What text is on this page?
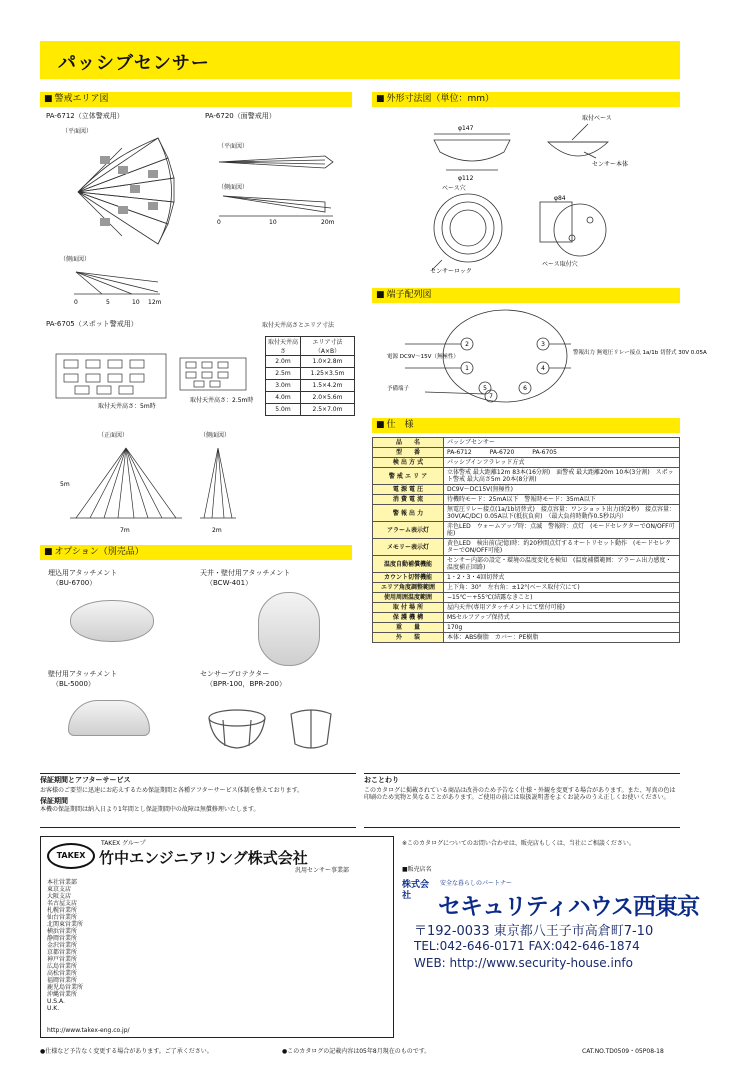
パッシブセンサー
■ 警戒エリア図
PA-6712（立体警戒用）	PA-6720（面警戒用）
（平面図）
（平面図）
（側面図）
（側面図）
0	5	10 12m
0	10	20m
PA-6705（スポット警戒用）
取付天井高さ：5m時
取付天井高さ：2.5m時
取付天井高さとエリア寸法
取付天井高さ	エリア寸法（A×B）
2.0m	1.0×2.8m
2.5m	1.25×3.5m
3.0m	1.5×4.2m
4.0m	2.0×5.6m
5.0m	2.5×7.0m
（正面図）	（側面図）
5m
7m	2m
■ オプション（別売品）
埋込用アタッチメント
（BU-6700）
天井・壁付用アタッチメント
（BCW-401）
壁付用アタッチメント
（BL-5000）
センサープロテクター
（BPR-100，BPR-200）
■ 外形寸法図（単位：mm）
φ147
φ112
φ84
取付ベース
センサー本体
ベース穴
センサーロック
ベース取付穴
■ 端子配列図
2
1
3
4
5	6
7
電源 DC9V〜15V（無極性）
警報出力 無電圧リレー接点 1a/1b 切替式 30V 0.05A
予備端子
■ 仕　様
品　　名	パッシブセンサー
型　　番	PA-6712　　　PA-6720　　　PA-6705
検 出 方 式	パッシブインフラレッド方式
警 戒 エ リ ア	立体警戒 最大距離12m 83本(16分割)　面警戒 最大距離20m 10本(3分割)　スポット警戒 最大高さ5m 20本(8分割)
電 源 電 圧	DC9V〜DC15V(無極性)
消 費 電 流	待機時モード：25mA以下　警報時モード：35mA以下
警 報 出 力	無電圧リレー接点(1a/1b切替式)　接点容量：ワンショット出力(約2秒)　接点容量：30V(AC/DC) 0.05A以下(抵抗負荷)　（最大負荷時動作0.5秒以内）
アラーム表示灯	赤色LED　ウォームアップ時：点滅　警報時：点灯　(モードセレクターでON/OFF可能)
メモリー表示灯	黄色LED　検出前(記憶)時：約20秒間点灯するオートリセット動作　(モードセレクターでON/OFF可能)
温度自動補償機能	センサー内部の設定・環境の温度変化を検知　(温度補償範囲：アラーム出力感度・温度補正回路)
カウント切替機能	1・2・3・4回切替式
エリア角度調整範囲	上下角：30°　左右角：±12°(ベース取付穴にて)
使用周囲温度範囲	−15℃〜+55℃(結露なきこと)
取 付 場 所	屋内天井(専用アタッチメントにて壁付可能)
保 護 機 構	MSセルフアップ保持式
重　　量	170g
外　　装	本体：ABS樹脂　カバー：PE樹脂
保証期間とアフターサービス
お客様のご要望に迅速にお応えするため保証期間と各種アフターサービス体制を整えております。
保証期間
本機の保証期間は納入日より1年間とし保証期間中の故障は無償修理いたします。
おことわり
このカタログに掲載されている商品は改善のため予告なく仕様・外観を変更する場合があります。また、写真の色は印刷のため実物と異なることがあります。ご使用の前には取扱説明書をよくお読みのうえ正しくお使いください。
TAKEX
TAKEX グループ
竹中エンジニアリング株式会社
汎用センサー事業部
本社営業部
東京支店
大阪支店
名古屋支店
札幌営業所
仙台営業所
北関東営業所
横浜営業所
静岡営業所
金沢営業所
京都営業所
神戸営業所
広島営業所
高松営業所
福岡営業所
鹿児島営業所
沖縄営業所
U.S.A.
U.K.
http://www.takex-eng.co.jp/
※このカタログについてのお問い合わせは、販売店もしくは、当社にご相談ください。
■販売店名
株式会社
安全な暮らしのパートナー
セキュリティハウス西東京
〒192-0033 東京都八王子市高倉町7-10
TEL:042-646-0171 FAX:042-646-1874
WEB: http://www.security-house.info
●仕様など予告なく変更する場合があります。ご了承ください。	●このカタログの記載内容は05年8月現在のものです。	CAT.NO.TD0509・05P08-18
